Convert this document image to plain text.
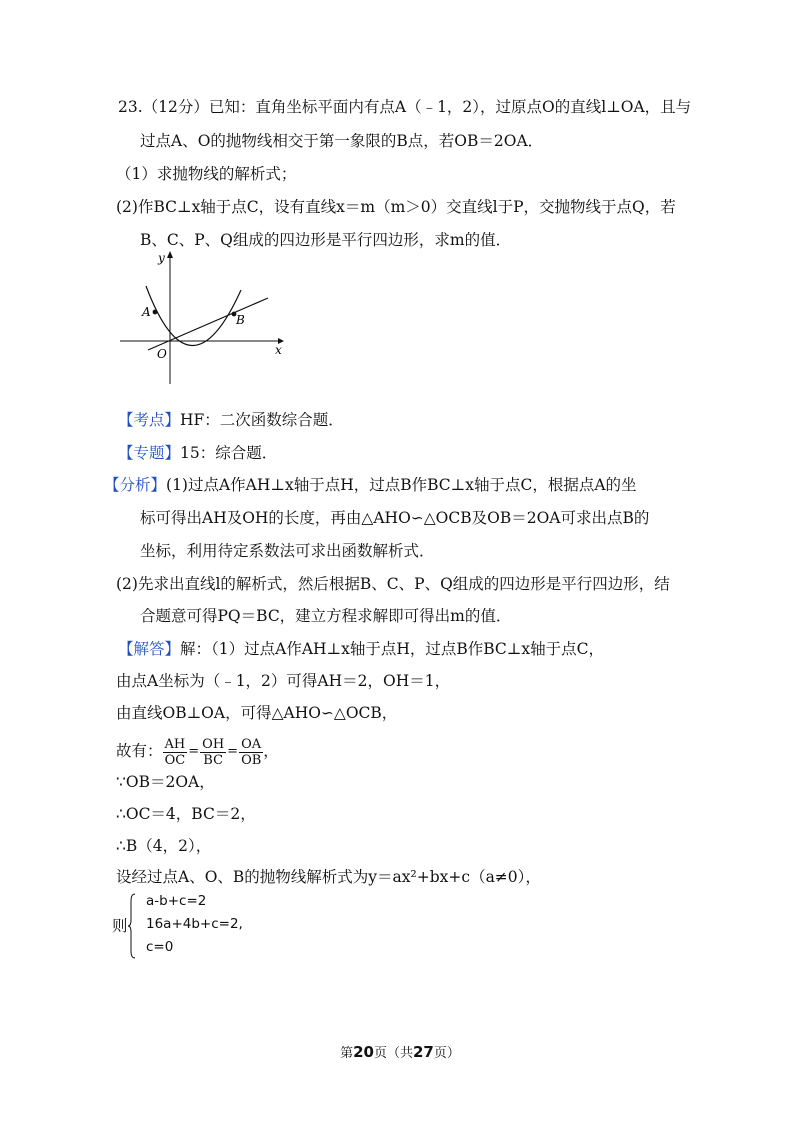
23.（12分）已知：直角坐标平面内有点A（﹣1，2），过原点O的直线l⊥OA，且与
过点A、O的抛物线相交于第一象限的B点，若OB＝2OA．
（1）求抛物线的解析式；
(2)作BC⊥x轴于点C，设有直线x＝m（m＞0）交直线l于P，交抛物线于点Q，若
B、C、P、Q组成的四边形是平行四边形，求m的值．
y
x
O
A
B
【考点】HF：二次函数综合题．
【专题】15：综合题．
【分析】(1)过点A作AH⊥x轴于点H，过点B作BC⊥x轴于点C，根据点A的坐
标可得出AH及OH的长度，再由△AHO∽△OCB及OB＝2OA可求出点B的
坐标，利用待定系数法可求出函数解析式．
(2)先求出直线l的解析式，然后根据B、C、P、Q组成的四边形是平行四边形，结
合题意可得PQ＝BC，建立方程求解即可得出m的值．
【解答】解：（1）过点A作AH⊥x轴于点H，过点B作BC⊥x轴于点C，
由点A坐标为（﹣1，2）可得AH＝2，OH＝1，
由直线OB⊥OA，可得△AHO∽△OCB，
故有： $\frac{AH}{OC} = \frac{OH}{BC} = \frac{OA}{OB}$ ，
∵OB＝2OA，
∴OC＝4，BC＝2，
∴B（4，2），
设经过点A、O、B的抛物线解析式为y＝ax²+bx+c（a≠0），
则
a-b+c=2
16a+4b+c=2,
c=0
第20页（共27页）
